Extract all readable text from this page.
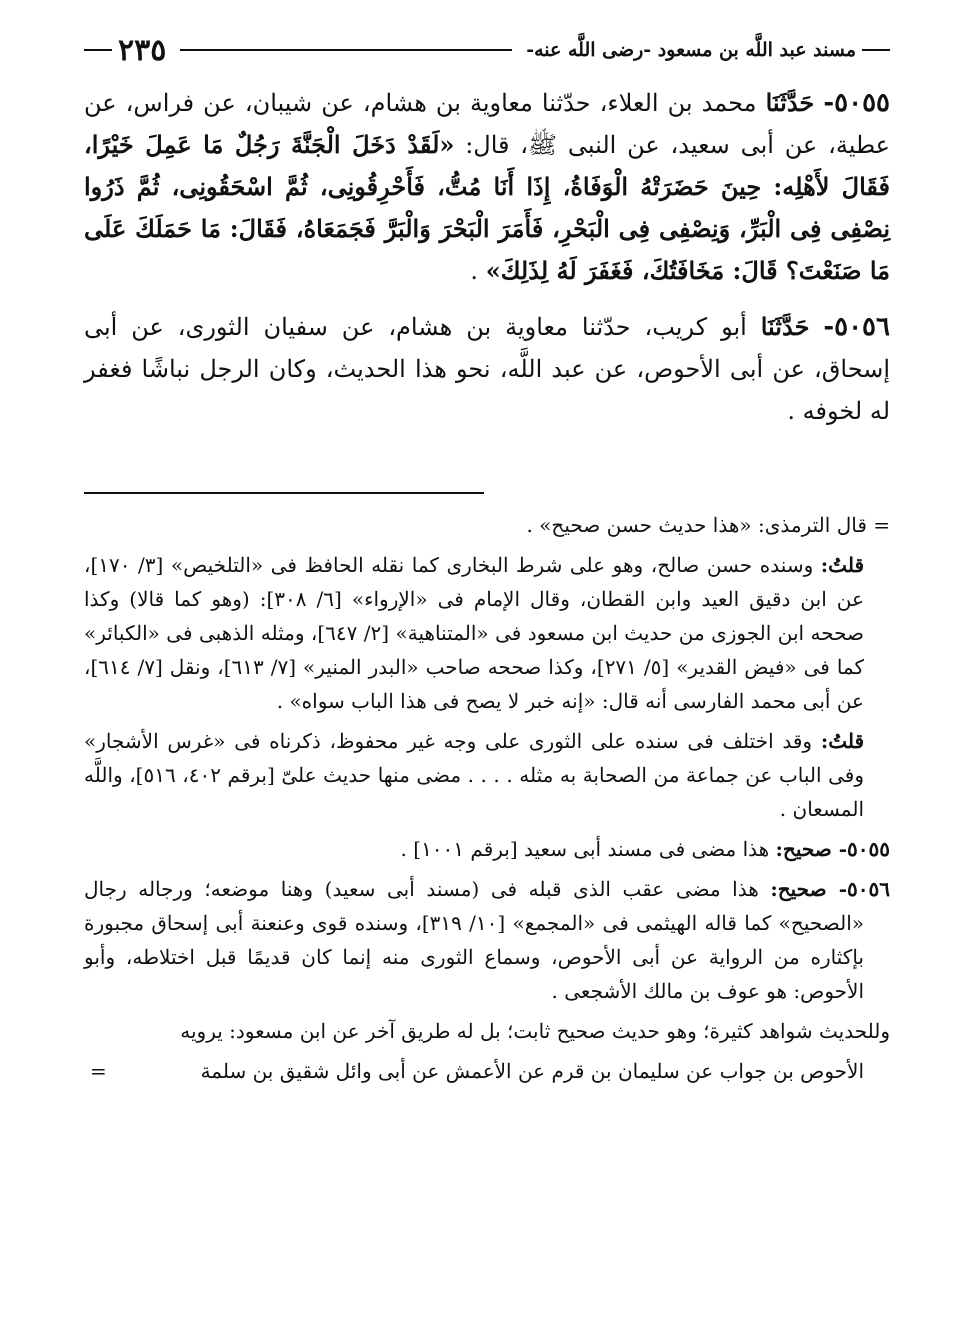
مسند عبد اللَّه بن مسعود -رضى اللَّه عنه-
٢٣٥

٥٠٥٥- حَدَّثَنَا محمد بن العلاء، حدّثنا معاوية بن هشام، عن شيبان، عن فراس، عن عطية، عن أبى سعيد، عن النبى ﷺ، قال: «لَقَدْ دَخَلَ الْجَنَّةَ رَجُلٌ مَا عَمِلَ خَيْرًا، فَقَالَ لأَهْلِه: حِينَ حَضَرَتْهُ الْوَفَاةُ، إِذَا أَنَا مُتُّ، فَأَحْرِقُونِى، ثُمَّ اسْحَقُونِى، ثُمَّ ذَرُوا نِصْفِى فِى الْبَرِّ، وَنِصْفِى فِى الْبَحْرِ، فَأَمَرَ الْبَحْرَ وَالْبَرَّ فَجَمَعَاهُ، فَقَالَ: مَا حَمَلَكَ عَلَى مَا صَنَعْتَ؟ قَالَ: مَخَافَتُكَ، فَغَفَرَ لَهُ لِذَلِكَ» .

٥٠٥٦- حَدَّثَنَا أبو كريب، حدّثنا معاوية بن هشام، عن سفيان الثورى، عن أبى إسحاق، عن أبى الأحوص، عن عبد اللَّه، نحو هذا الحديث، وكان الرجل نباشًا فغفر له لخوفه .

= قال الترمذى: «هذا حديث حسن صحيح» .

قلتُ: وسنده حسن صالح، وهو على شرط البخارى كما نقله الحافظ فى «التلخيص» [٣/ ١٧٠]، عن ابن دقيق العيد وابن القطان، وقال الإمام فى «الإرواء» [٦/ ٣٠٨]: (وهو كما قالا) وكذا صححه ابن الجوزى من حديث ابن مسعود فى «المتناهية» [٢/ ٦٤٧]، ومثله الذهبى فى «الكبائر» كما فى «فيض القدير» [٥/ ٢٧١]، وكذا صححه صاحب «البدر المنير» [٧/ ٦١٣]، ونقل [٧/ ٦١٤]، عن أبى محمد الفارسى أنه قال: «إنه خبر لا يصح فى هذا الباب سواه» .

قلتُ: وقد اختلف فى سنده على الثورى على وجه غير محفوظ، ذكرناه فى «غرس الأشجار» وفى الباب عن جماعة من الصحابة به مثله . . . . مضى منها حديث علىّ [برقم ٤٠٢، ٥١٦]، واللَّه المسعان .

٥٠٥٥- صحيح: هذا مضى فى مسند أبى سعيد [برقم ١٠٠١] .

٥٠٥٦- صحيح: هذا مضى عقب الذى قبله فى (مسند أبى سعيد) وهنا موضعه؛ ورجاله رجال «الصحيح» كما قاله الهيثمى فى «المجمع» [١٠/ ٣١٩]، وسنده قوى وعنعنة أبى إسحاق مجبورة بإكثاره من الرواية عن أبى الأحوص، وسماع الثورى منه إنما كان قديمًا قبل اختلاطه، وأبو الأحوص: هو عوف بن مالك الأشجعى .

وللحديث شواهد كثيرة؛ وهو حديث صحيح ثابت؛ بل له طريق آخر عن ابن مسعود: يرويه

الأحوص بن جواب عن سليمان بن قرم عن الأعمش عن أبى وائل شقيق بن سلمة
=
